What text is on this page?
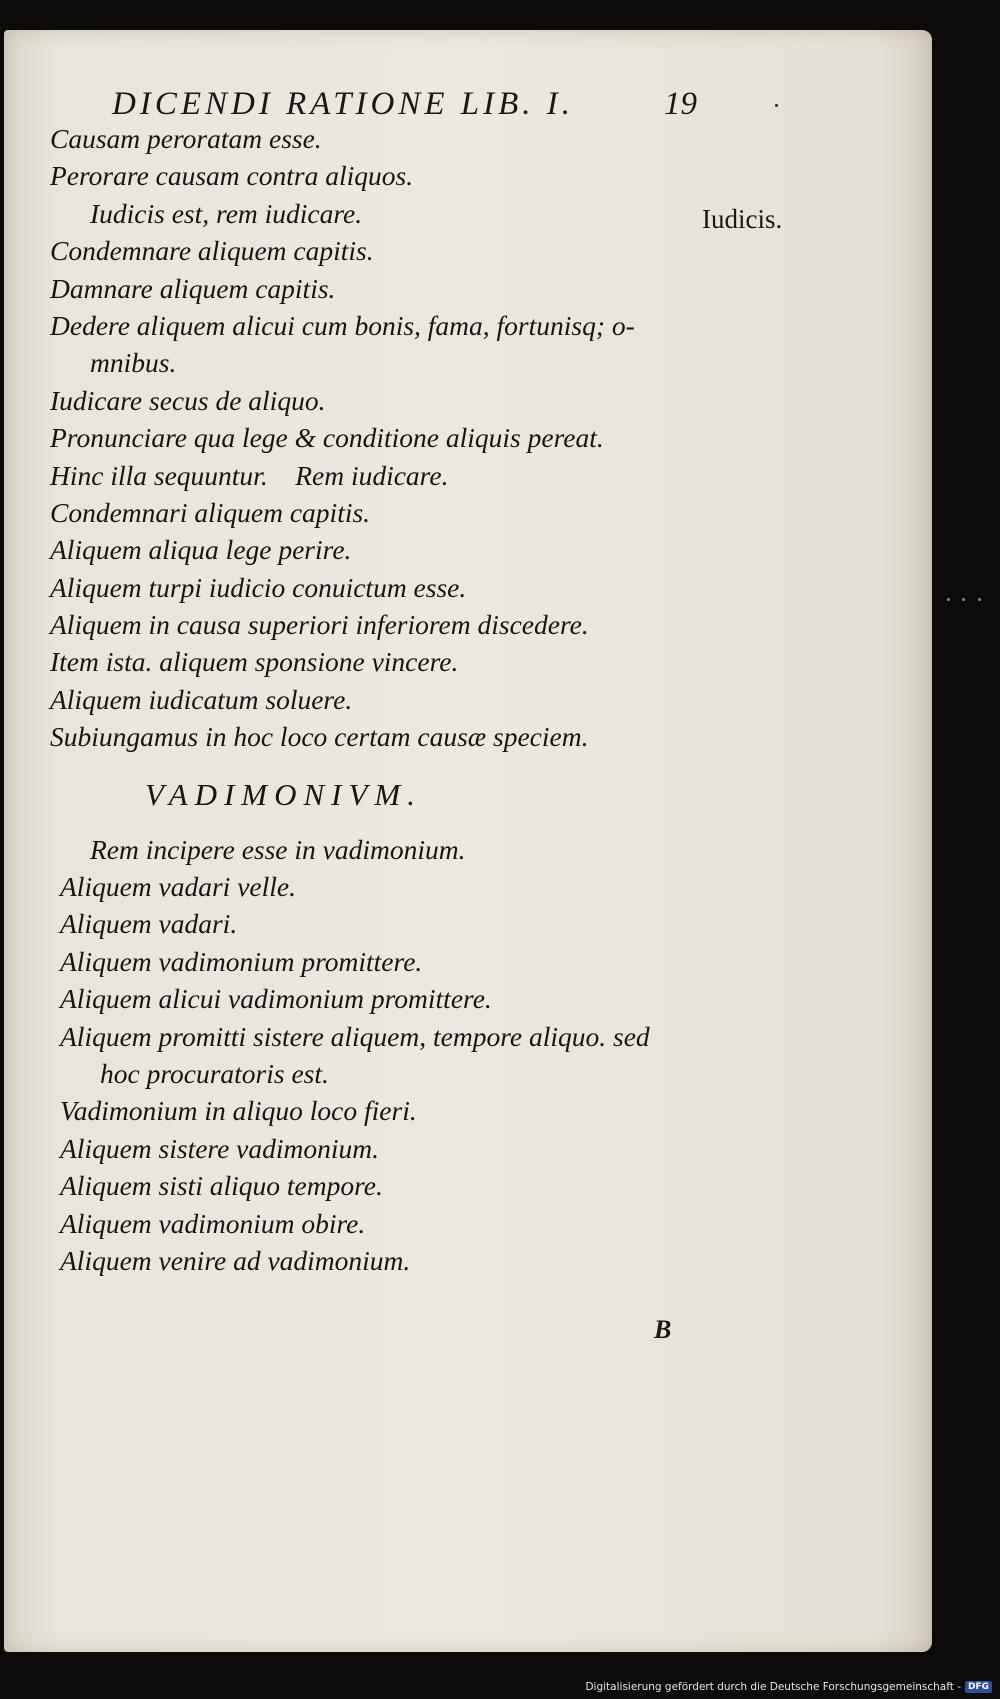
DICENDI RATIONE LIB. I.	19
Iudicis.
Causam peroratam esse.
Perorare causam contra aliquos.
Iudicis est, rem iudicare.
Condemnare aliquem capitis.
Damnare aliquem capitis.
Dedere aliquem alicui cum bonis, fama, fortunisq; o-
mnibus.
Iudicare secus de aliquo.
Pronunciare qua lege & conditione aliquis pereat.
Hinc illa sequuntur.    Rem iudicare.
Condemnari aliquem capitis.
Aliquem aliqua lege perire.
Aliquem turpi iudicio conuictum esse.
Aliquem in causa superiori inferiorem discedere.
Item ista. aliquem sponsione vincere.
Aliquem iudicatum soluere.
Subiungamus in hoc loco certam causæ speciem.
VADIMONIVM.
Rem incipere esse in vadimonium.
Aliquem vadari velle.
Aliquem vadari.
Aliquem vadimonium promittere.
Aliquem alicui vadimonium promittere.
Aliquem promitti sistere aliquem, tempore aliquo. sed
hoc procuratoris est.
Vadimonium in aliquo loco fieri.
Aliquem sistere vadimonium.
Aliquem sisti aliquo tempore.
Aliquem vadimonium obire.
Aliquem venire ad vadimonium.
B
Digitalisierung gefördert durch die Deutsche Forschungsgemeinschaft - DFG
